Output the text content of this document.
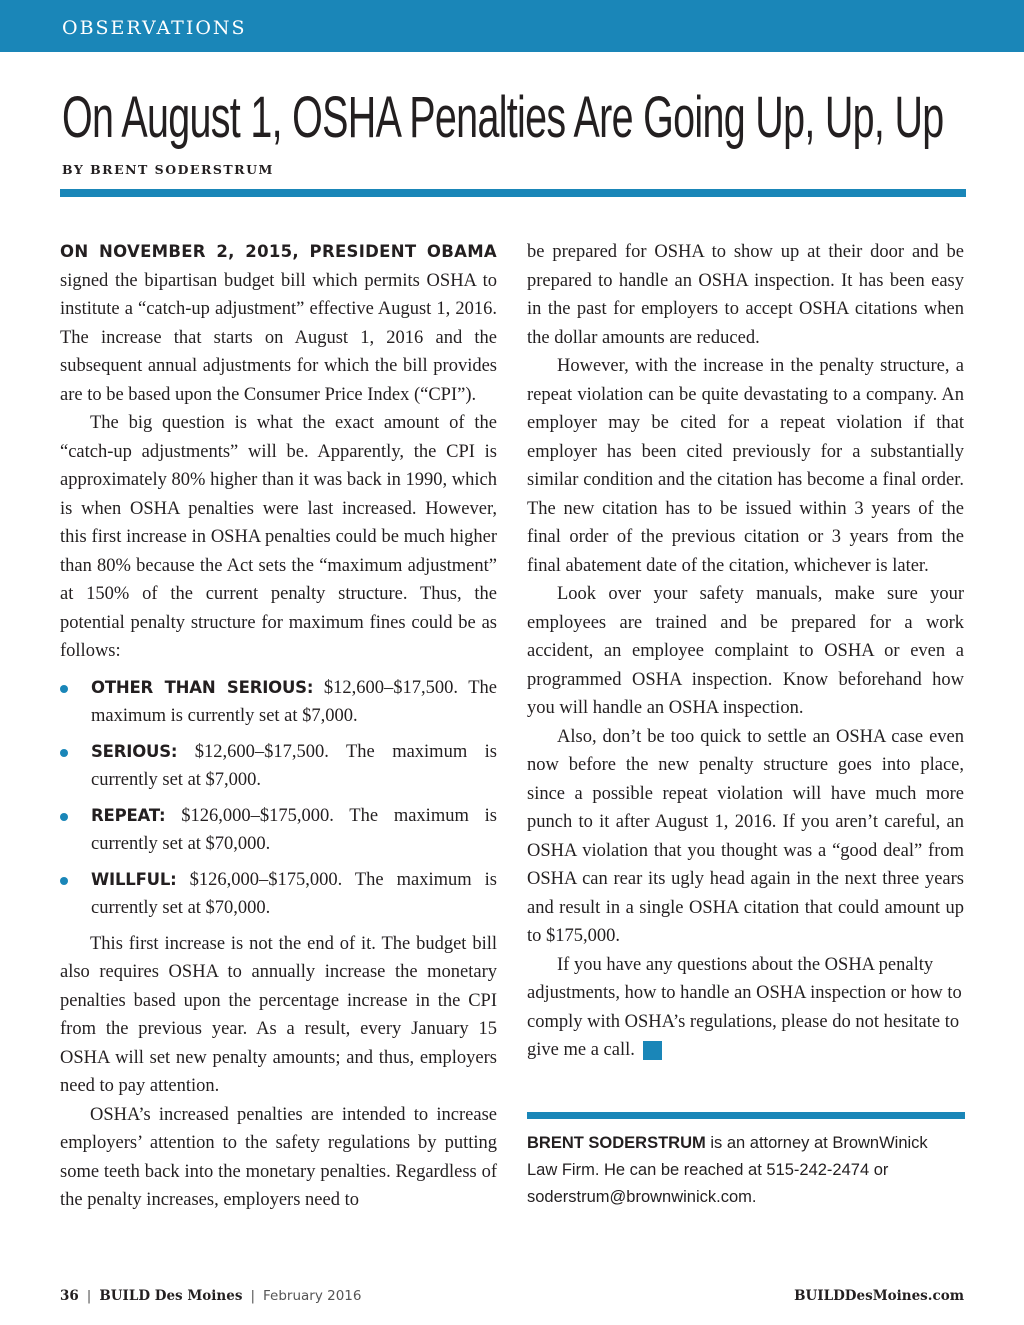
OBSERVATIONS
On August 1, OSHA Penalties Are Going Up, Up, Up
BY BRENT SODERSTRUM

ON NOVEMBER 2, 2015, PRESIDENT OBAMA signed the bipartisan budget bill which permits OSHA to institute a “catch-up adjustment” effective August 1, 2016. The increase that starts on August 1, 2016 and the subsequent annual adjustments for which the bill provides are to be based upon the Consumer Price Index (“CPI”).

The big question is what the exact amount of the “catch-up adjustments” will be. Apparently, the CPI is approximately 80% higher than it was back in 1990, which is when OSHA penalties were last increased. However, this first increase in OSHA penalties could be much higher than 80% because the Act sets the “maximum adjustment” at 150% of the current penalty structure. Thus, the potential penalty structure for maximum fines could be as follows:

OTHER THAN SERIOUS: $12,600–$17,500. The maximum is currently set at $7,000.
SERIOUS: $12,600–$17,500. The maximum is currently set at $7,000.
REPEAT: $126,000–$175,000. The maximum is currently set at $70,000.
WILLFUL: $126,000–$175,000. The maximum is currently set at $70,000.

This first increase is not the end of it. The budget bill also requires OSHA to annually increase the monetary penalties based upon the percentage increase in the CPI from the previous year. As a result, every January 15 OSHA will set new penalty amounts; and thus, employers need to pay attention.

OSHA’s increased penalties are intended to increase employers’ attention to the safety regulations by putting some teeth back into the monetary penalties. Regardless of the penalty increases, employers need to

be prepared for OSHA to show up at their door and be prepared to handle an OSHA inspection. It has been easy in the past for employers to accept OSHA citations when the dollar amounts are reduced.

However, with the increase in the penalty structure, a repeat violation can be quite devastating to a company. An employer may be cited for a repeat violation if that employer has been cited previously for a substantially similar condition and the citation has become a final order. The new citation has to be issued within 3 years of the final order of the previous citation or 3 years from the final abatement date of the citation, whichever is later.

Look over your safety manuals, make sure your employees are trained and be prepared for a work accident, an employee complaint to OSHA or even a programmed OSHA inspection. Know beforehand how you will handle an OSHA inspection.

Also, don’t be too quick to settle an OSHA case even now before the new penalty structure goes into place, since a possible repeat violation will have much more punch to it after August 1, 2016. If you aren’t careful, an OSHA violation that you thought was a “good deal” from OSHA can rear its ugly head again in the next three years and result in a single OSHA citation that could amount up to $175,000.

If you have any questions about the OSHA penalty adjustments, how to handle an OSHA inspection or how to comply with OSHA’s regulations, please do not hesitate to give me a call.	B

BRENT SODERSTRUM is an attorney at BrownWinick
Law Firm. He can be reached at 515-242-2474 or
soderstrum@brownwinick.com.
36 | BUILD Des Moines | February 2016	BUILDDesMoines.com
